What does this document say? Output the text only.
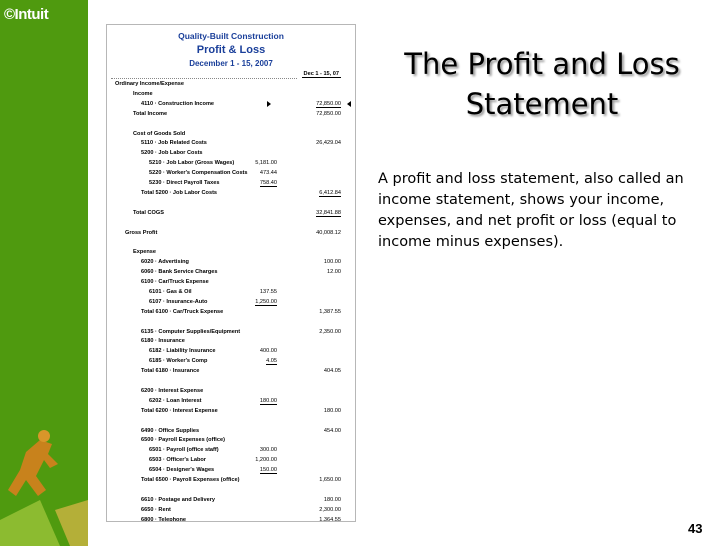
©Intuit
Quality-Built Construction
Profit & Loss
December 1 - 15, 2007
Dec 1 - 15, 07
Ordinary Income/Expense
Income
4110 · Construction Income	72,850.00
Total Income	72,850.00
Cost of Goods Sold
5110 · Job Related Costs	26,429.04
5200 · Job Labor Costs
5210 · Job Labor (Gross Wages)	5,181.00
5220 · Worker's Compensation Costs 473.44
5230 · Direct Payroll Taxes	758.40
Total 5200 · Job Labor Costs	6,412.84
Total COGS	32,841.88
Gross Profit	40,008.12
Expense
6020 · Advertising	100.00
6060 · Bank Service Charges	12.00
6100 · Car/Truck Expense
6101 · Gas & Oil	137.55
6107 · Insurance-Auto	1,250.00
Total 6100 · Car/Truck Expense	1,387.55
6135 · Computer Supplies/Equipment	2,350.00
6180 · Insurance
6182 · Liability Insurance	400.00
6185 · Worker's Comp	4.05
Total 6180 · Insurance	404.05
6200 · Interest Expense
6202 · Loan Interest	180.00
Total 6200 · Interest Expense	180.00
6490 · Office Supplies	454.00
6500 · Payroll Expenses (office)
6501 · Payroll (office staff)	300.00
6503 · Officer's Labor	1,200.00
6504 · Designer's Wages	150.00
Total 6500 · Payroll Expenses (office)	1,650.00
6610 · Postage and Delivery	180.00
6650 · Rent	2,300.00
6800 · Telephone	1,364.55
The Profit and Loss Statement
A profit and loss statement, also called an income statement, shows your income, expenses, and net profit or loss (equal to income minus expenses).
43
